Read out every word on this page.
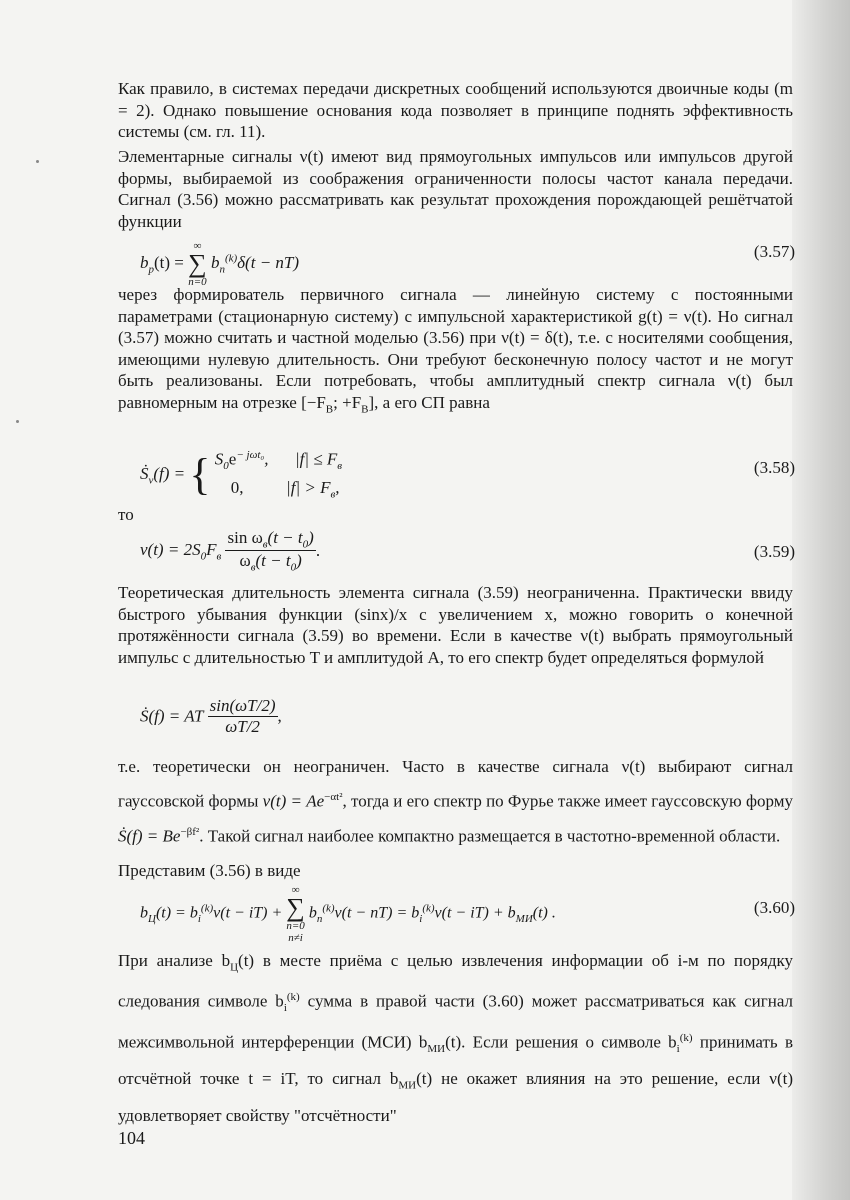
Как правило, в системах передачи дискретных сообщений используются двоичные коды (m = 2). Однако повышение основания кода позволяет в принципе поднять эффективность системы (см. гл. 11).
Элементарные сигналы ν(t) имеют вид прямоугольных импульсов или импульсов другой формы, выбираемой из соображения ограниченности полосы частот канала передачи. Сигнал (3.56) можно рассматривать как результат прохождения порождающей решётчатой функции
$b_р(t)$ =
∞
∑
n=0
$b_n^{(k)}\delta(t - nT)$
(3.57)
через формирователь первичного сигнала — линейную систему с постоянными параметрами (стационарную систему) с импульсной характеристикой g(t) = ν(t). Но сигнал (3.57) можно считать и частной моделью (3.56) при ν(t) = δ(t), т.е. с носителями сообщения, имеющими нулевую длительность. Они требуют бесконечную полосу частот и не могут быть реализованы. Если потребовать, чтобы амплитудный спектр сигнала ν(t) был равномерным на отрезке [$-F_В$; $+F_В$], а его СП равна
Ṡ$_\nu$(f) = { $S_0e^{- j\omega t_0}$,  $|f| \le F_в$
0,	$|f| > F_в$,
(3.58)
то
$\nu(t) = 2S_0F_в \frac{\sin \omega_в(t - t_0)}{\omega_в(t - t_0)}$ .	(3.59)
Теоретическая длительность элемента сигнала (3.59) неограниченна. Практически ввиду быстрого убывания функции (sinx)/x с увеличением x, можно говорить о конечной протяжённости сигнала (3.59) во времени. Если в качестве ν(t) выбрать прямоугольный импульс с длительностью T и амплитудой A, то его спектр будет определяться формулой
Ṡ(f) = AT $\frac{\sin(\omega T/2)}{\omega T/2}$ ,
т.е. теоретически он неограничен. Часто в качестве сигнала ν(t) выбирают сигнал гауссовской формы $\nu(t) = Ae^{-\alpha t^2}$, тогда и его спектр по Фурье также имеет гауссовскую форму Ṡ(f) = $Be^{-\beta f^2}$. Такой сигнал наиболее компактно размещается в частотно-временной области.
Представим (3.56) в виде
$b_Ц(t) = b_i^{(k)}\nu(t - iT)$ +
∞
∑
n=0
n≠i
$b_n^{(k)}\nu(t - nT) = b_i^{(k)}\nu(t - iT) + b_{МИ}(t)$ .	(3.60)
При анализе $b_Ц(t)$ в месте приёма с целью извлечения информации об i-м по порядку следования символе $b_i^{(k)}$ сумма в правой части (3.60) может рассматриваться как сигнал межсимвольной интерференции (МСИ) $b_{МИ}(t)$. Если решения о символе $b_i^{(k)}$ принимать в отсчётной точке t = iT, то сигнал $b_{МИ}(t)$ не окажет влияния на это решение, если ν(t) удовлетворяет свойству "отсчётности"
104
